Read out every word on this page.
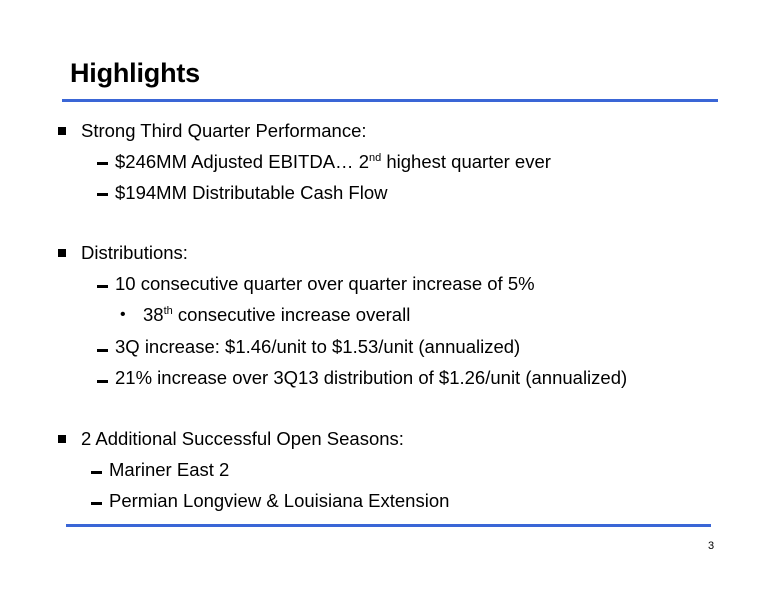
Highlights
Strong Third Quarter Performance:
$246MM Adjusted EBITDA… 2nd highest quarter ever
$194MM Distributable Cash Flow
Distributions:
10 consecutive quarter over quarter increase of 5%
• 38th consecutive increase overall
3Q increase: $1.46/unit to $1.53/unit (annualized)
21% increase over 3Q13 distribution of $1.26/unit (annualized)
2 Additional Successful Open Seasons:
Mariner East 2
Permian Longview & Louisiana Extension
3
